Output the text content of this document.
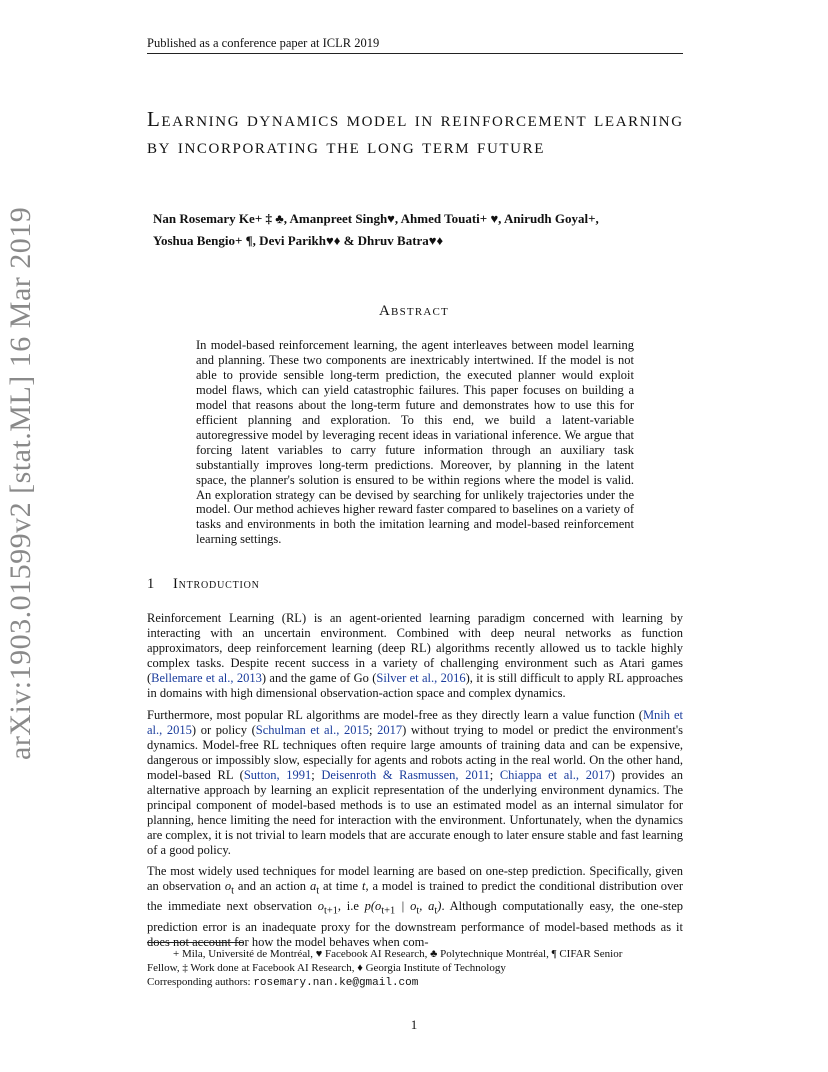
Published as a conference paper at ICLR 2019
arXiv:1903.01599v2 [stat.ML] 16 Mar 2019
Learning dynamics model in reinforcement learning by incorporating the long term future
Nan Rosemary Ke+ ‡ ♣, Amanpreet Singh♥, Ahmed Touati+ ♥, Anirudh Goyal+,
Yoshua Bengio+ ¶, Devi Parikh♥♦ & Dhruv Batra♥♦
Abstract
In model-based reinforcement learning, the agent interleaves between model learning and planning. These two components are inextricably intertwined. If the model is not able to provide sensible long-term prediction, the executed planner would exploit model flaws, which can yield catastrophic failures. This paper focuses on building a model that reasons about the long-term future and demonstrates how to use this for efficient planning and exploration. To this end, we build a latent-variable autoregressive model by leveraging recent ideas in variational inference. We argue that forcing latent variables to carry future information through an auxiliary task substantially improves long-term predictions. Moreover, by planning in the latent space, the planner's solution is ensured to be within regions where the model is valid. An exploration strategy can be devised by searching for unlikely trajectories under the model. Our method achieves higher reward faster compared to baselines on a variety of tasks and environments in both the imitation learning and model-based reinforcement learning settings.
1 Introduction
Reinforcement Learning (RL) is an agent-oriented learning paradigm concerned with learning by interacting with an uncertain environment. Combined with deep neural networks as function approximators, deep reinforcement learning (deep RL) algorithms recently allowed us to tackle highly complex tasks. Despite recent success in a variety of challenging environment such as Atari games (Bellemare et al., 2013) and the game of Go (Silver et al., 2016), it is still difficult to apply RL approaches in domains with high dimensional observation-action space and complex dynamics.
Furthermore, most popular RL algorithms are model-free as they directly learn a value function (Mnih et al., 2015) or policy (Schulman et al., 2015; 2017) without trying to model or predict the environment's dynamics. Model-free RL techniques often require large amounts of training data and can be expensive, dangerous or impossibly slow, especially for agents and robots acting in the real world. On the other hand, model-based RL (Sutton, 1991; Deisenroth & Rasmussen, 2011; Chiappa et al., 2017) provides an alternative approach by learning an explicit representation of the underlying environment dynamics. The principal component of model-based methods is to use an estimated model as an internal simulator for planning, hence limiting the need for interaction with the environment. Unfortunately, when the dynamics are complex, it is not trivial to learn models that are accurate enough to later ensure stable and fast learning of a good policy.
The most widely used techniques for model learning are based on one-step prediction. Specifically, given an observation $o_t$ and an action $a_t$ at time t, a model is trained to predict the conditional distribution over the immediate next observation $o_{t+1}$, i.e $p(o_{t+1}$ | $o_t$, $a_t$). Although computationally easy, the one-step prediction error is an inadequate proxy for the downstream performance of model-based methods as it does not account for how the model behaves when com-
+ Mila, Université de Montréal, ♥ Facebook AI Research, ♣ Polytechnique Montréal, ¶ CIFAR Senior
Fellow, ‡ Work done at Facebook AI Research, ♦ Georgia Institute of Technology
Corresponding authors: rosemary.nan.ke@gmail.com
1
